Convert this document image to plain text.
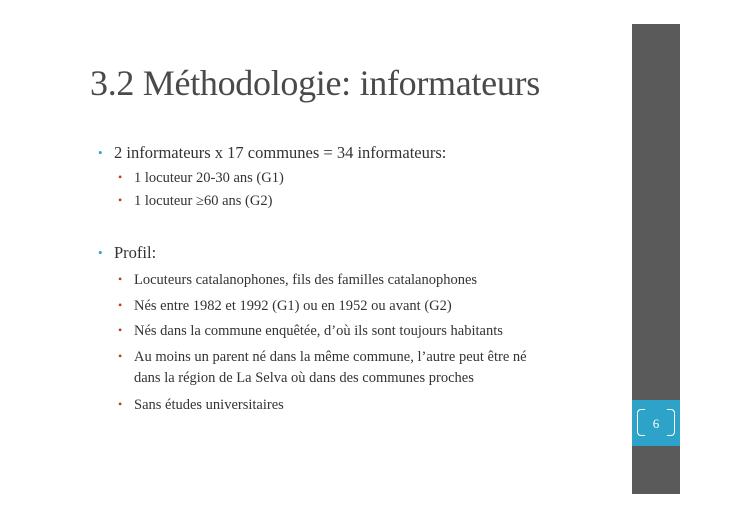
6
3.2 Méthodologie: informateurs
• 2 informateurs x 17 communes = 34 informateurs:
• 1 locuteur 20-30 ans (G1)
• 1 locuteur ≥60 ans (G2)
• Profil:
• Locuteurs catalanophones, fils des familles catalanophones
• Nés entre 1982 et 1992 (G1) ou en 1952 ou avant (G2)
• Nés dans la commune enquêtée, d’où ils sont toujours habitants
• Au moins un parent né dans la même commune, l’autre peut être né
dans la région de La Selva où dans des communes proches
• Sans études universitaires
